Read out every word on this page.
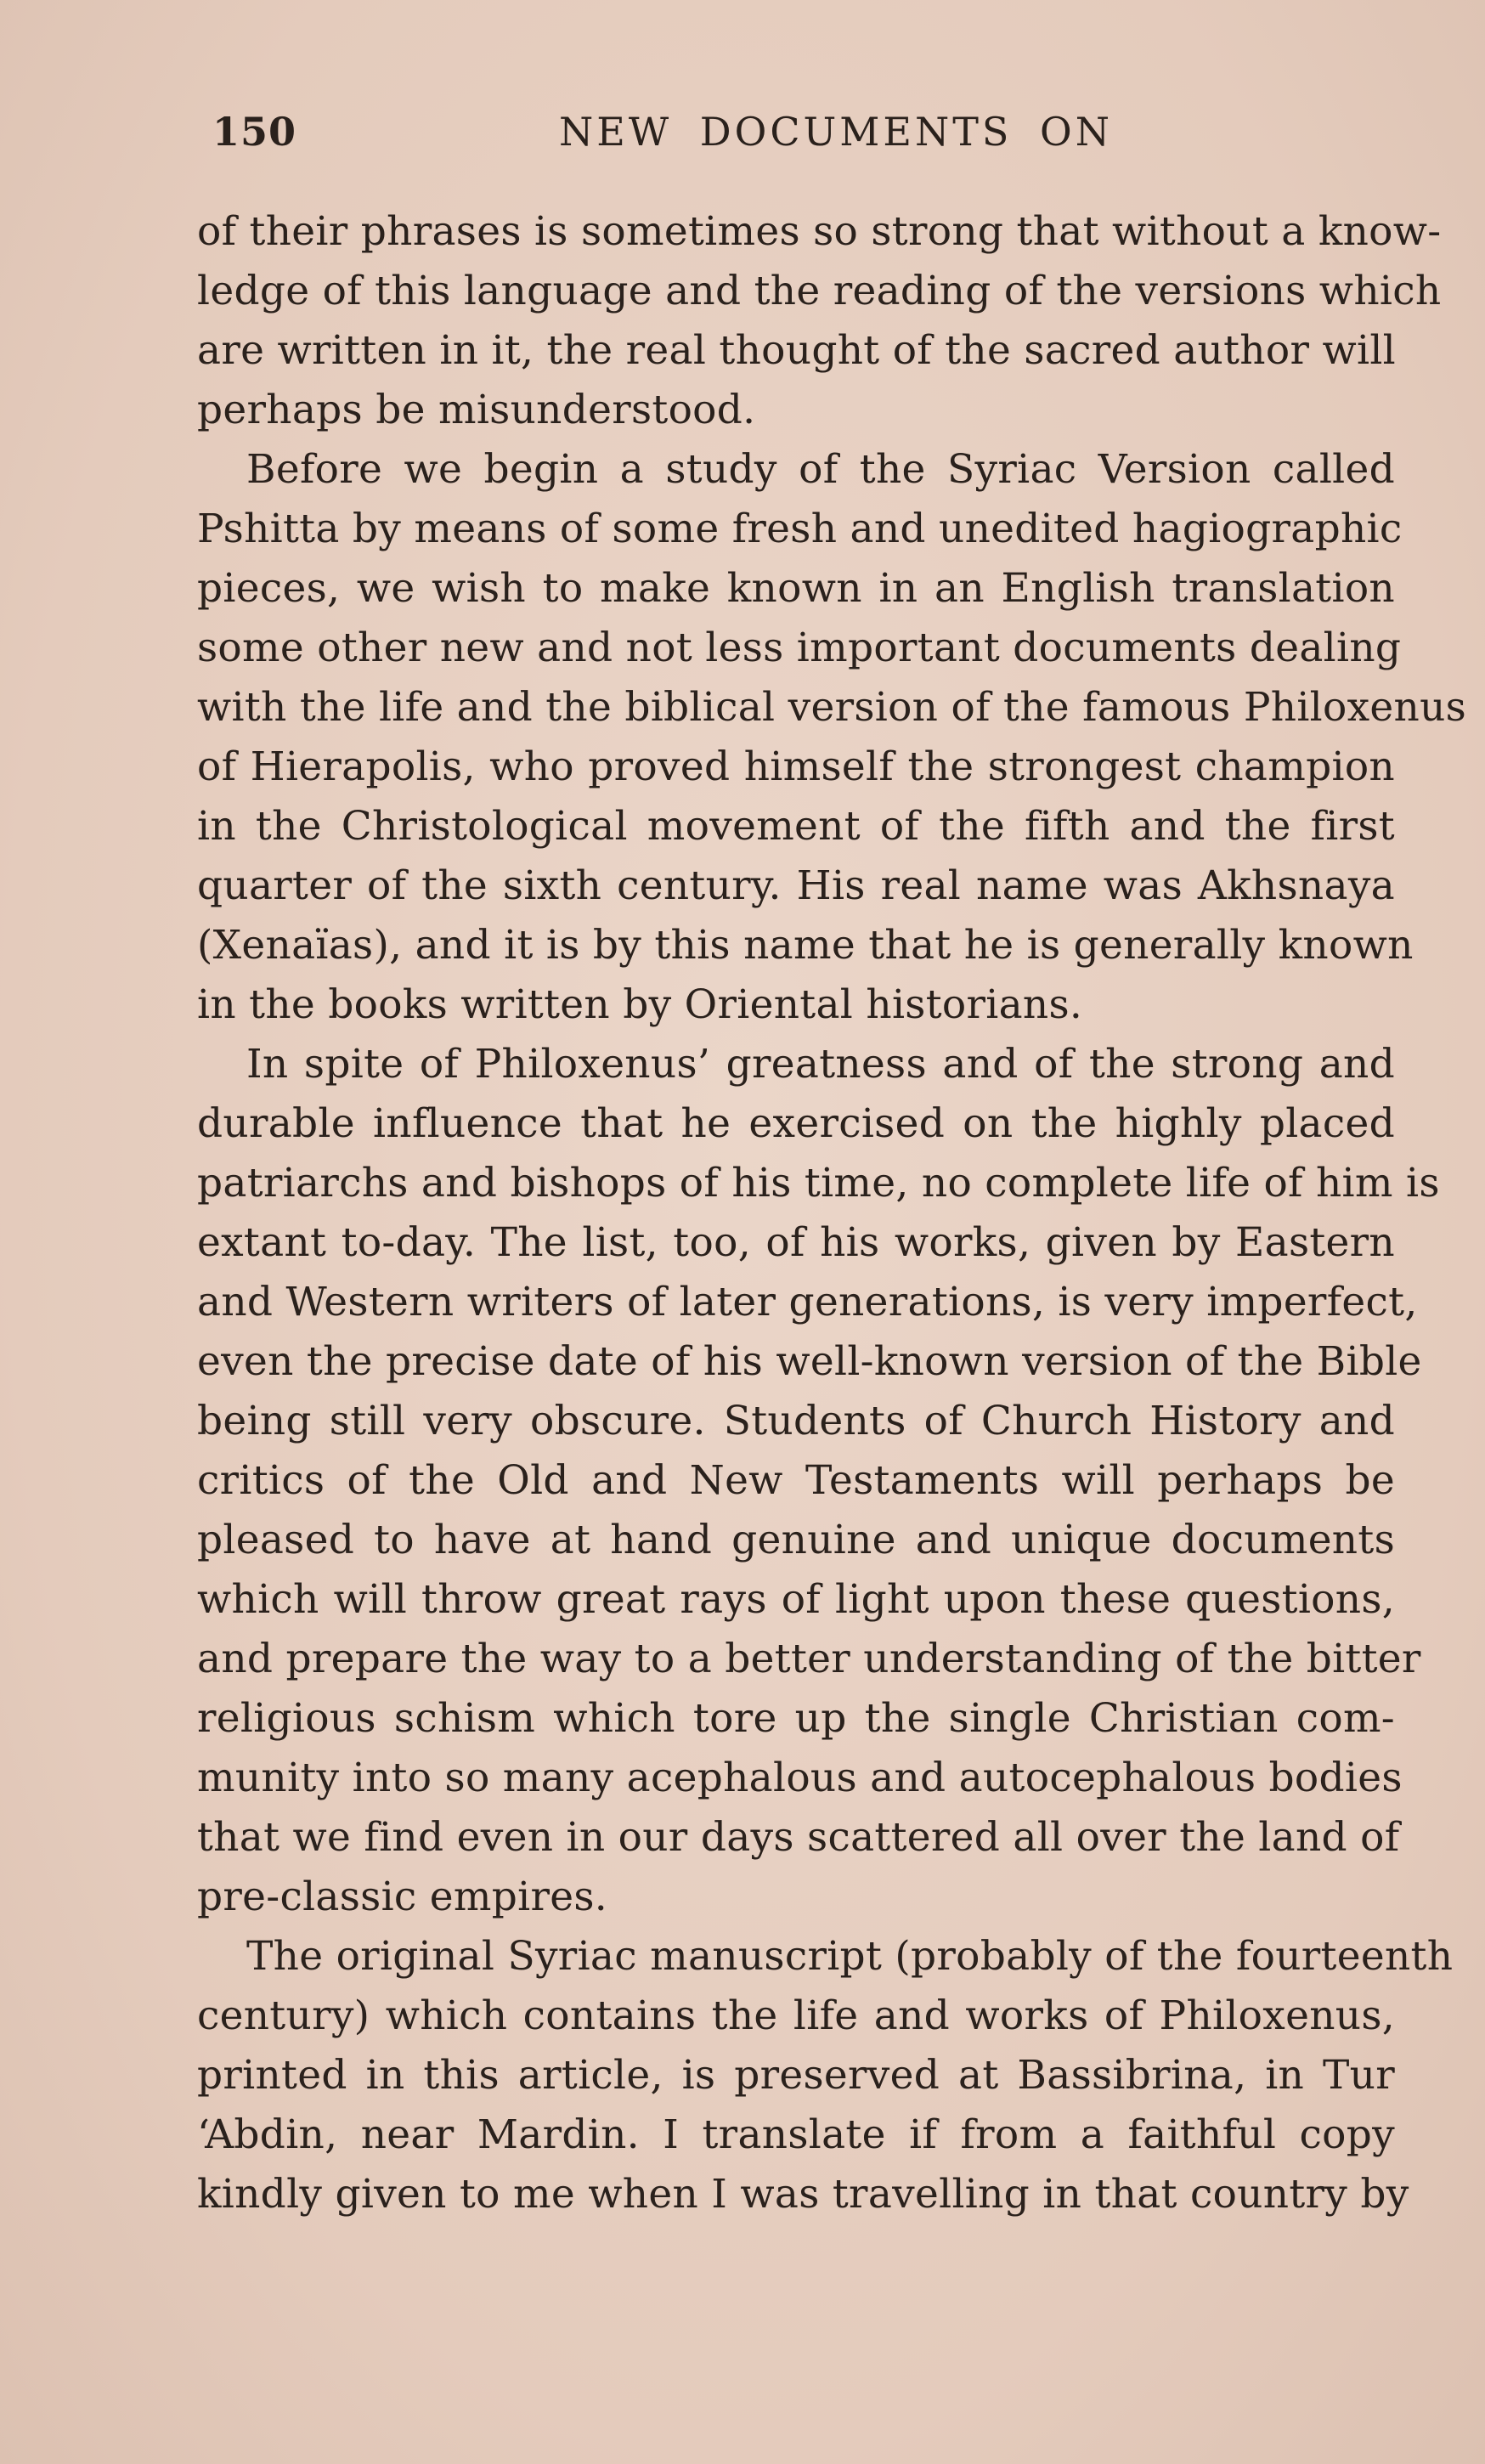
150	NEW DOCUMENTS ON
of their phrases is sometimes so strong that without a know-
ledge of this language and the reading of the versions which
are written in it, the real thought of the sacred author will
perhaps be misunderstood.
Before we begin a study of the Syriac Version called
Pshitta by means of some fresh and unedited hagiographic
pieces, we wish to make known in an English translation
some other new and not less important documents dealing
with the life and the biblical version of the famous Philoxenus
of Hierapolis, who proved himself the strongest champion
in the Christological movement of the fifth and the first
quarter of the sixth century. His real name was Akhsnaya
(Xenaïas), and it is by this name that he is generally known
in the books written by Oriental historians.
In spite of Philoxenus’ greatness and of the strong and
durable influence that he exercised on the highly placed
patriarchs and bishops of his time, no complete life of him is
extant to-day. The list, too, of his works, given by Eastern
and Western writers of later generations, is very imperfect,
even the precise date of his well-known version of the Bible
being still very obscure. Students of Church History and
critics of the Old and New Testaments will perhaps be
pleased to have at hand genuine and unique documents
which will throw great rays of light upon these questions,
and prepare the way to a better understanding of the bitter
religious schism which tore up the single Christian com-
munity into so many acephalous and autocephalous bodies
that we find even in our days scattered all over the land of
pre-classic empires.
The original Syriac manuscript (probably of the fourteenth
century) which contains the life and works of Philoxenus,
printed in this article, is preserved at Bassibrina, in Tur
‘Abdin, near Mardin. I translate if from a faithful copy
kindly given to me when I was travelling in that country by
